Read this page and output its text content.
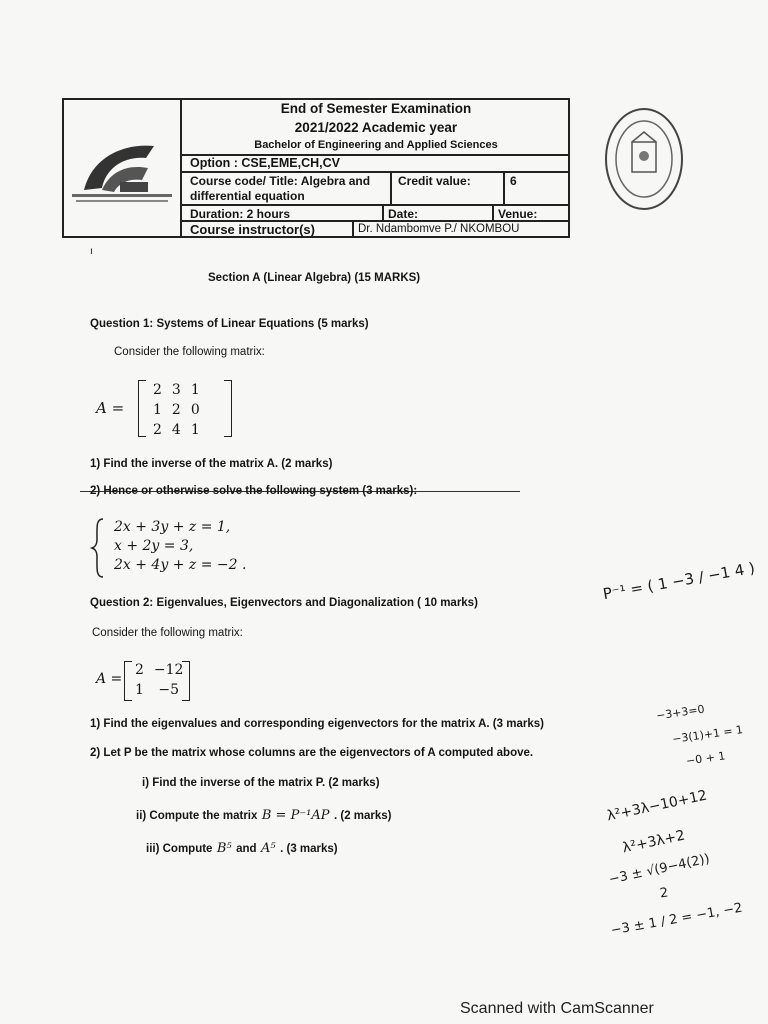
End of Semester Examination
2021/2022 Academic year
Bachelor of Engineering and Applied Sciences
Option : CSE,EME,CH,CV
Course code/ Title: Algebra and differential equation
Credit value:	6
Duration: 2 hours	Date:	Venue:
Course instructor(s)	Dr. Ndambomve P./ NKOMBOU
ı
Section A (Linear Algebra) (15 MARKS)
Question 1: Systems of Linear Equations (5 marks)
Consider the following matrix:
A =
2	3	1
1	2	0
2	4	1
1) Find the inverse of the matrix A. (2 marks)
2) Hence or otherwise solve the following system (3 marks):
2x + 3y + z = 1,
x + 2y = 3,
2x + 4y + z = −2 .
Question 2: Eigenvalues, Eigenvectors and Diagonalization ( 10 marks)
Consider the following matrix:
A =
2	−12
1	−5
1) Find the eigenvalues and corresponding eigenvectors for the matrix A. (3 marks)
2) Let P be the matrix whose columns are the eigenvectors of A computed above.
i) Find the inverse of the matrix P. (2 marks)
ii) Compute the matrix B = P⁻¹AP . (2 marks)
iii) Compute B⁵ and A⁵ . (3 marks)
P⁻¹ = ( 1 −3 / −1 4 )
−3+3=0
−3(1)+1 = 1
−0 + 1
λ²+3λ−10+12
λ²+3λ+2
−3 ± √(9−4(2))
2
−3 ± 1 / 2 = −1, −2
Scanned with CamScanner
